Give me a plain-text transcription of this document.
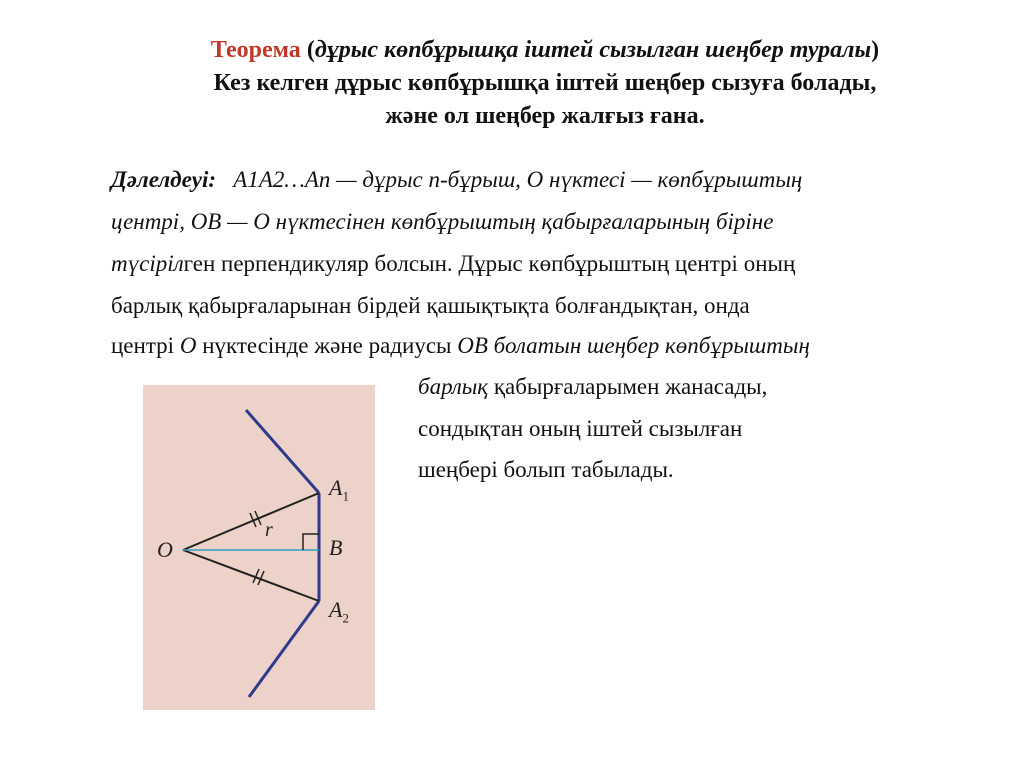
Теорема (дұрыс көпбұрышқа іштей сызылған шеңбер туралы)
Кез келген дұрыс көпбұрышқа іштей шеңбер сызуға болады,
және ол шеңбер жалғыз ғана.
Дәлелдеуі: A1A2…An — дұрыс n-бұрыш, О нүктесі — көпбұрыштың
центрі, ОВ — О нүктесінен көпбұрыштың қабырғаларының біріне
түсірілген перпендикуляр болсын. Дұрыс көпбұрыштың центрі оның
барлық қабырғаларынан бірдей қашықтықта болғандықтан, онда
центрі О нүктесінде және радиусы ОВ болатын шеңбер көпбұрыштың
барлық қабырғаларымен жанасады,
сондықтан оның іштей сызылған
шеңбері болып табылады.
O	B
r
$A_1$
$A_2$
